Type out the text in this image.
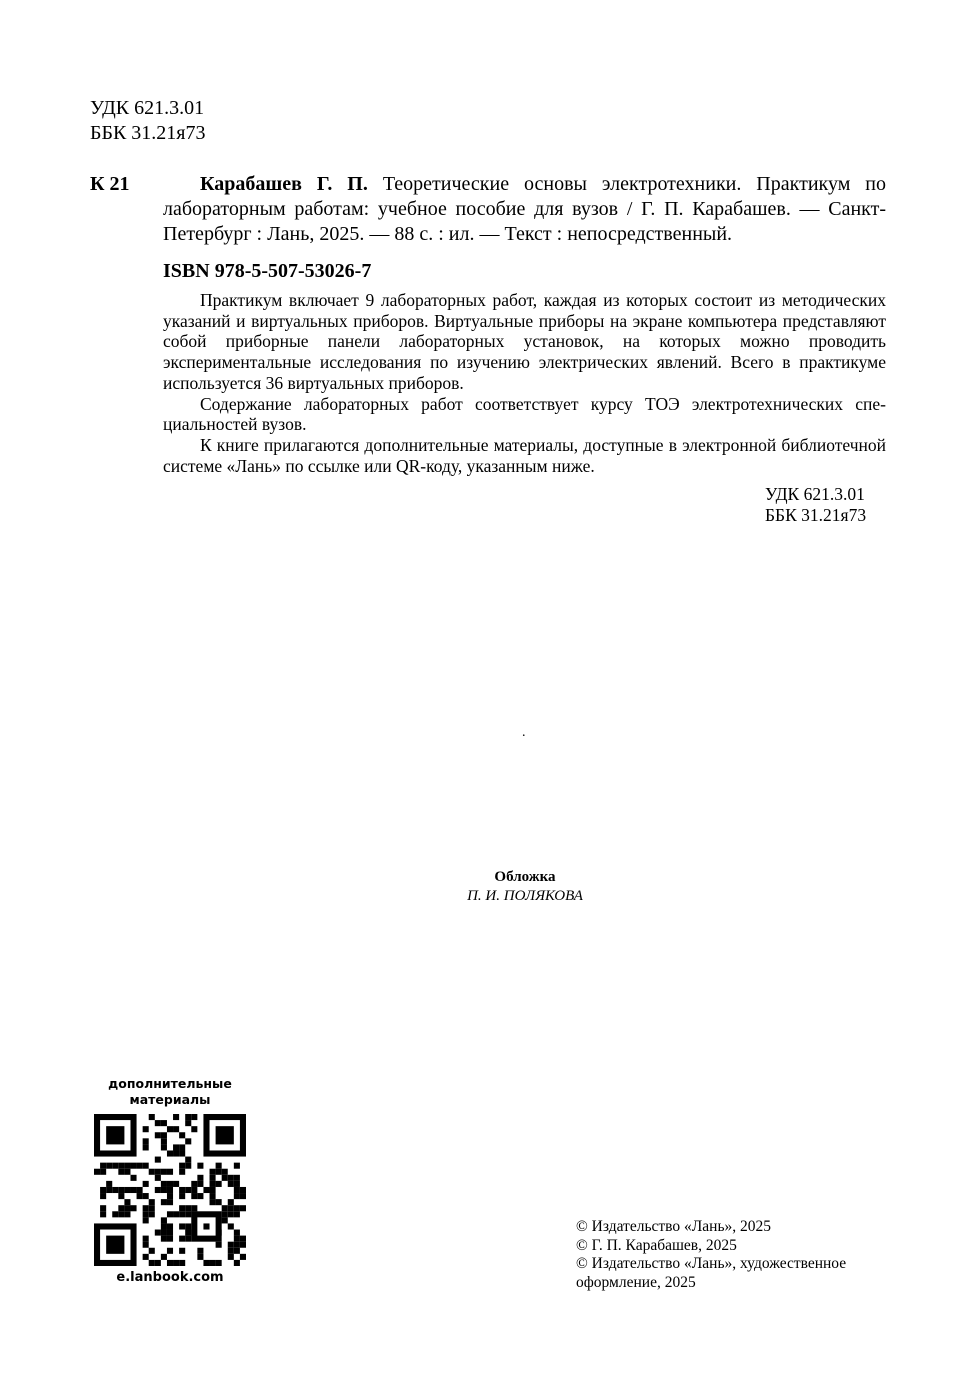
УДК 621.3.01
ББК 31.21я73
К 21	Карабашев Г. П. Теоретические основы электротехники. Практикум по лабораторным работам: учебное пособие для вузов / Г. П. Карабашев. — Санкт-Петербург : Лань, 2025. — 88 с. : ил. — Текст : непосредственный.
ISBN 978-5-507-53026-7

Практикум включает 9 лабораторных работ, каждая из которых состоит из методических указаний и виртуальных приборов. Виртуальные приборы на экране компьютера представляют собой приборные панели лабораторных установок, на которых можно проводить экспериментальные исследования по изучению электрических явлений. Всего в практикуме используется 36 виртуальных приборов.

Содержание лабораторных работ соответствует курсу ТОЭ электротехнических специальностей вузов.

К книге прилагаются дополнительные материалы, доступные в электронной библиотечной системе «Лань» по ссылке или QR-коду, указанным ниже.

УДК 621.3.01
ББК 31.21я73
.
Обложка
П. И. ПОЛЯКОВА
дополнительные
материалы
e.lanbook.com
© Издательство «Лань», 2025
© Г. П. Карабашев, 2025
© Издательство «Лань», художественное оформление, 2025
